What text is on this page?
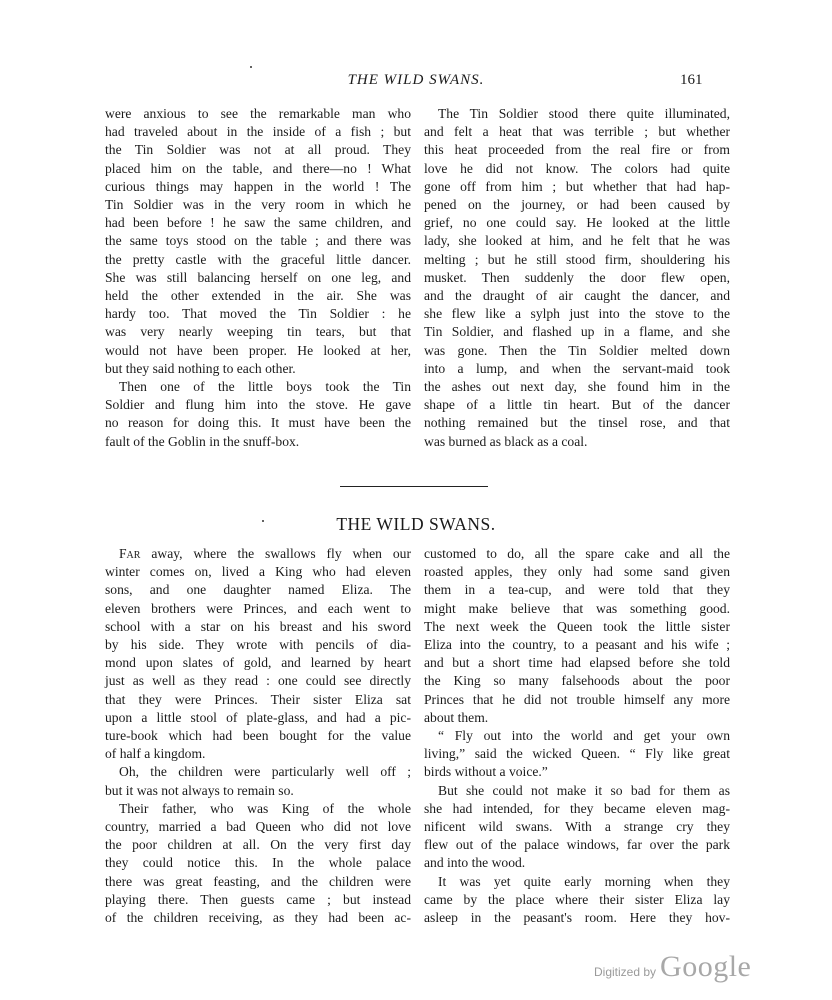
THE WILD SWANS.	161
were anxious to see the remarkable man who
had traveled about in the inside of a fish ; but
the Tin Soldier was not at all proud. They
placed him on the table, and there—no ! What
curious things may happen in the world ! The
Tin Soldier was in the very room in which he
had been before ! he saw the same children, and
the same toys stood on the table ; and there was
the pretty castle with the graceful little dancer.
She was still balancing herself on one leg, and
held the other extended in the air. She was
hardy too. That moved the Tin Soldier : he
was very nearly weeping tin tears, but that
would not have been proper. He looked at her,
but they said nothing to each other.
Then one of the little boys took the Tin
Soldier and flung him into the stove. He gave
no reason for doing this. It must have been the
fault of the Goblin in the snuff-box.
The Tin Soldier stood there quite illuminated,
and felt a heat that was terrible ; but whether
this heat proceeded from the real fire or from
love he did not know. The colors had quite
gone off from him ; but whether that had hap-
pened on the journey, or had been caused by
grief, no one could say. He looked at the little
lady, she looked at him, and he felt that he was
melting ; but he still stood firm, shouldering his
musket. Then suddenly the door flew open,
and the draught of air caught the dancer, and
she flew like a sylph just into the stove to the
Tin Soldier, and flashed up in a flame, and she
was gone. Then the Tin Soldier melted down
into a lump, and when the servant-maid took
the ashes out next day, she found him in the
shape of a little tin heart. But of the dancer
nothing remained but the tinsel rose, and that
was burned as black as a coal.
THE WILD SWANS.
Far away, where the swallows fly when our
winter comes on, lived a King who had eleven
sons, and one daughter named Eliza. The
eleven brothers were Princes, and each went to
school with a star on his breast and his sword
by his side. They wrote with pencils of dia-
mond upon slates of gold, and learned by heart
just as well as they read : one could see directly
that they were Princes. Their sister Eliza sat
upon a little stool of plate-glass, and had a pic-
ture-book which had been bought for the value
of half a kingdom.
Oh, the children were particularly well off ;
but it was not always to remain so.
Their father, who was King of the whole
country, married a bad Queen who did not love
the poor children at all. On the very first day
they could notice this. In the whole palace
there was great feasting, and the children were
playing there. Then guests came ; but instead
of the children receiving, as they had been ac-
customed to do, all the spare cake and all the
roasted apples, they only had some sand given
them in a tea-cup, and were told that they
might make believe that was something good.
The next week the Queen took the little sister
Eliza into the country, to a peasant and his wife ;
and but a short time had elapsed before she told
the King so many falsehoods about the poor
Princes that he did not trouble himself any more
about them.
“ Fly out into the world and get your own
living,” said the wicked Queen. “ Fly like great
birds without a voice.”
But she could not make it so bad for them as
she had intended, for they became eleven mag-
nificent wild swans. With a strange cry they
flew out of the palace windows, far over the park
and into the wood.
It was yet quite early morning when they
came by the place where their sister Eliza lay
asleep in the peasant's room. Here they hov-
Digitized by Google
